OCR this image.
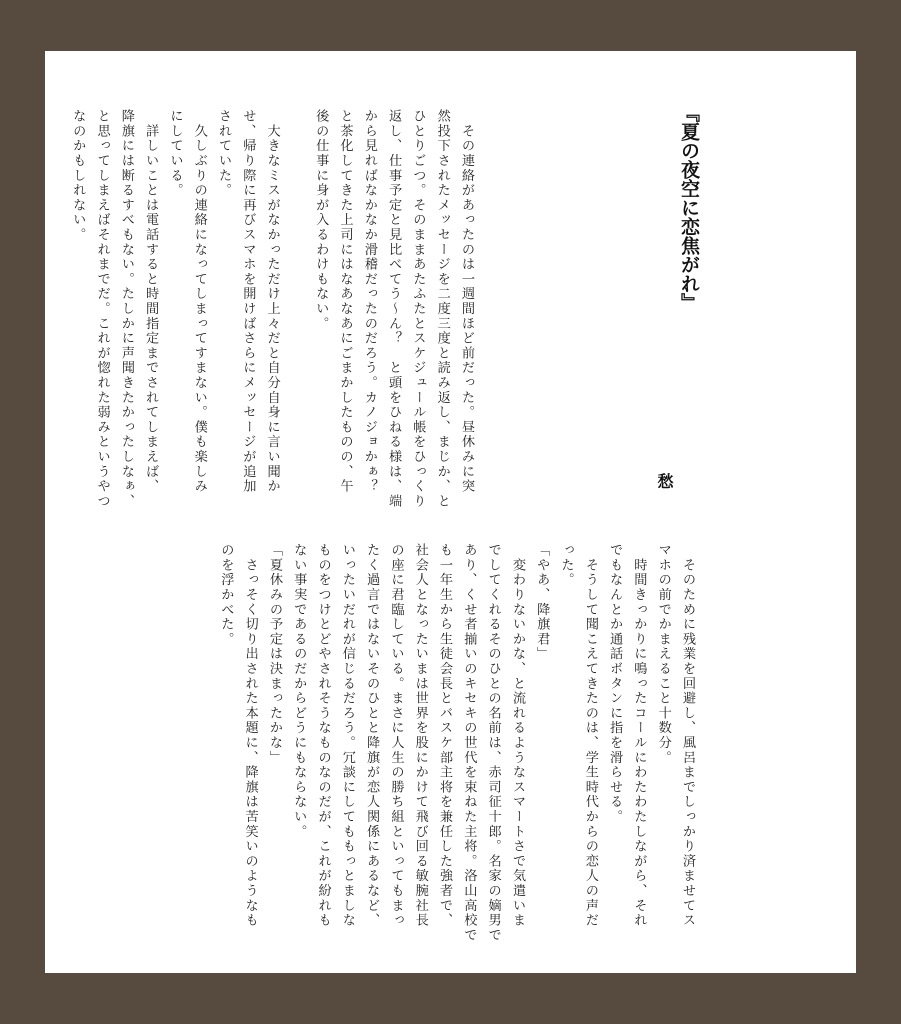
『夏の夜空に恋焦がれ』
愁
　その連絡があったのは一週間ほど前だった。昼休みに突
然投下されたメッセージを二度三度と読み返し、まじか、と
ひとりごつ。そのままあたふたとスケジュール帳をひっくり
返し、仕事予定と見比べてう〜ん？　と頭をひねる様は、端
から見ればなかなか滑稽だったのだろう。カノジョかぁ？
と茶化してきた上司にはなあなあにごまかしたものの、午
後の仕事に身が入るわけもない。

　大きなミスがなかっただけ上々だと自分自身に言い聞か
せ、帰り際に再びスマホを開けばさらにメッセージが追加
されていた。
　久しぶりの連絡になってしまってすまない。僕も楽しみ
にしている。
　詳しいことは電話すると時間指定までされてしまえば、
降旗には断るすべもない。たしかに声聞きたかったしなぁ、
と思ってしまえばそれまでだ。これが惚れた弱みというやつ
なのかもしれない。
　そのために残業を回避し、風呂までしっかり済ませてス
マホの前でかまえること十数分。
　時間きっかりに鳴ったコールにわたわたしながら、それ
でもなんとか通話ボタンに指を滑らせる。
　そうして聞こえてきたのは、学生時代からの恋人の声だ
った。
「やあ、降旗君」
　変わりないかな、と流れるようなスマートさで気遣いま
でしてくれるそのひとの名前は、赤司征十郎。名家の嫡男で
あり、くせ者揃いのキセキの世代を束ねた主将。洛山高校で
も一年生から生徒会長とバスケ部主将を兼任した強者で、
社会人となったいまは世界を股にかけて飛び回る敏腕社長
の座に君臨している。まさに人生の勝ち組といってもまっ
たく過言ではないそのひとと降旗が恋人関係にあるなど、
いったいだれが信じるだろう。冗談にしてももっとましな
ものをつけとどやされそうなものなのだが、これが紛れも
ない事実であるのだからどうにもならない。
「夏休みの予定は決まったかな」
　さっそく切り出された本題に、降旗は苦笑いのようなも
のを浮かべた。
